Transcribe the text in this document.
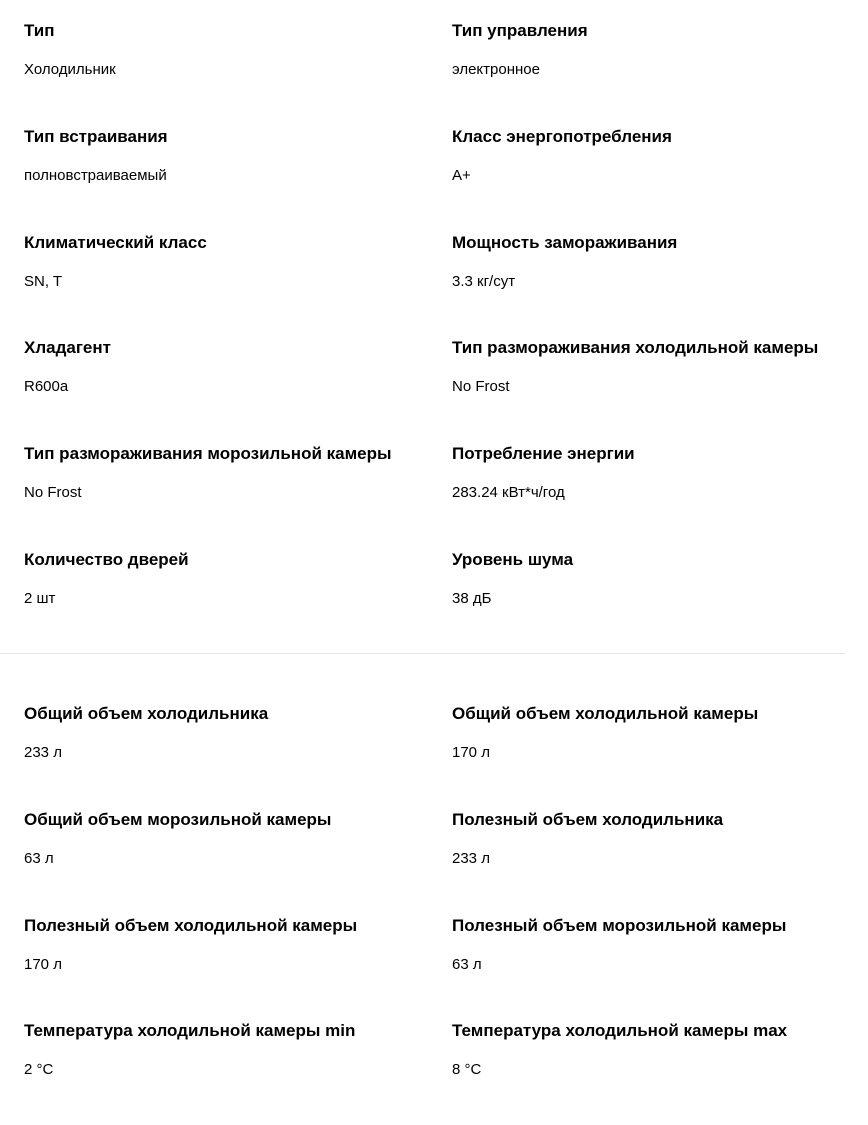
Тип
Холодильник
Тип управления
электронное
Тип встраивания
полновстраиваемый
Класс энергопотребления
A+
Климатический класс
SN, T
Мощность замораживания
3.3 кг/сут
Хладагент
R600a
Тип размораживания холодильной камеры
No Frost
Тип размораживания морозильной камеры
No Frost
Потребление энергии
283.24 кВт*ч/год
Количество дверей
2 шт
Уровень шума
38 дБ
Общий объем холодильника
233 л
Общий объем холодильной камеры
170 л
Общий объем морозильной камеры
63 л
Полезный объем холодильника
233 л
Полезный объем холодильной камеры
170 л
Полезный объем морозильной камеры
63 л
Температура холодильной камеры min
2 °C
Температура холодильной камеры max
8 °C
